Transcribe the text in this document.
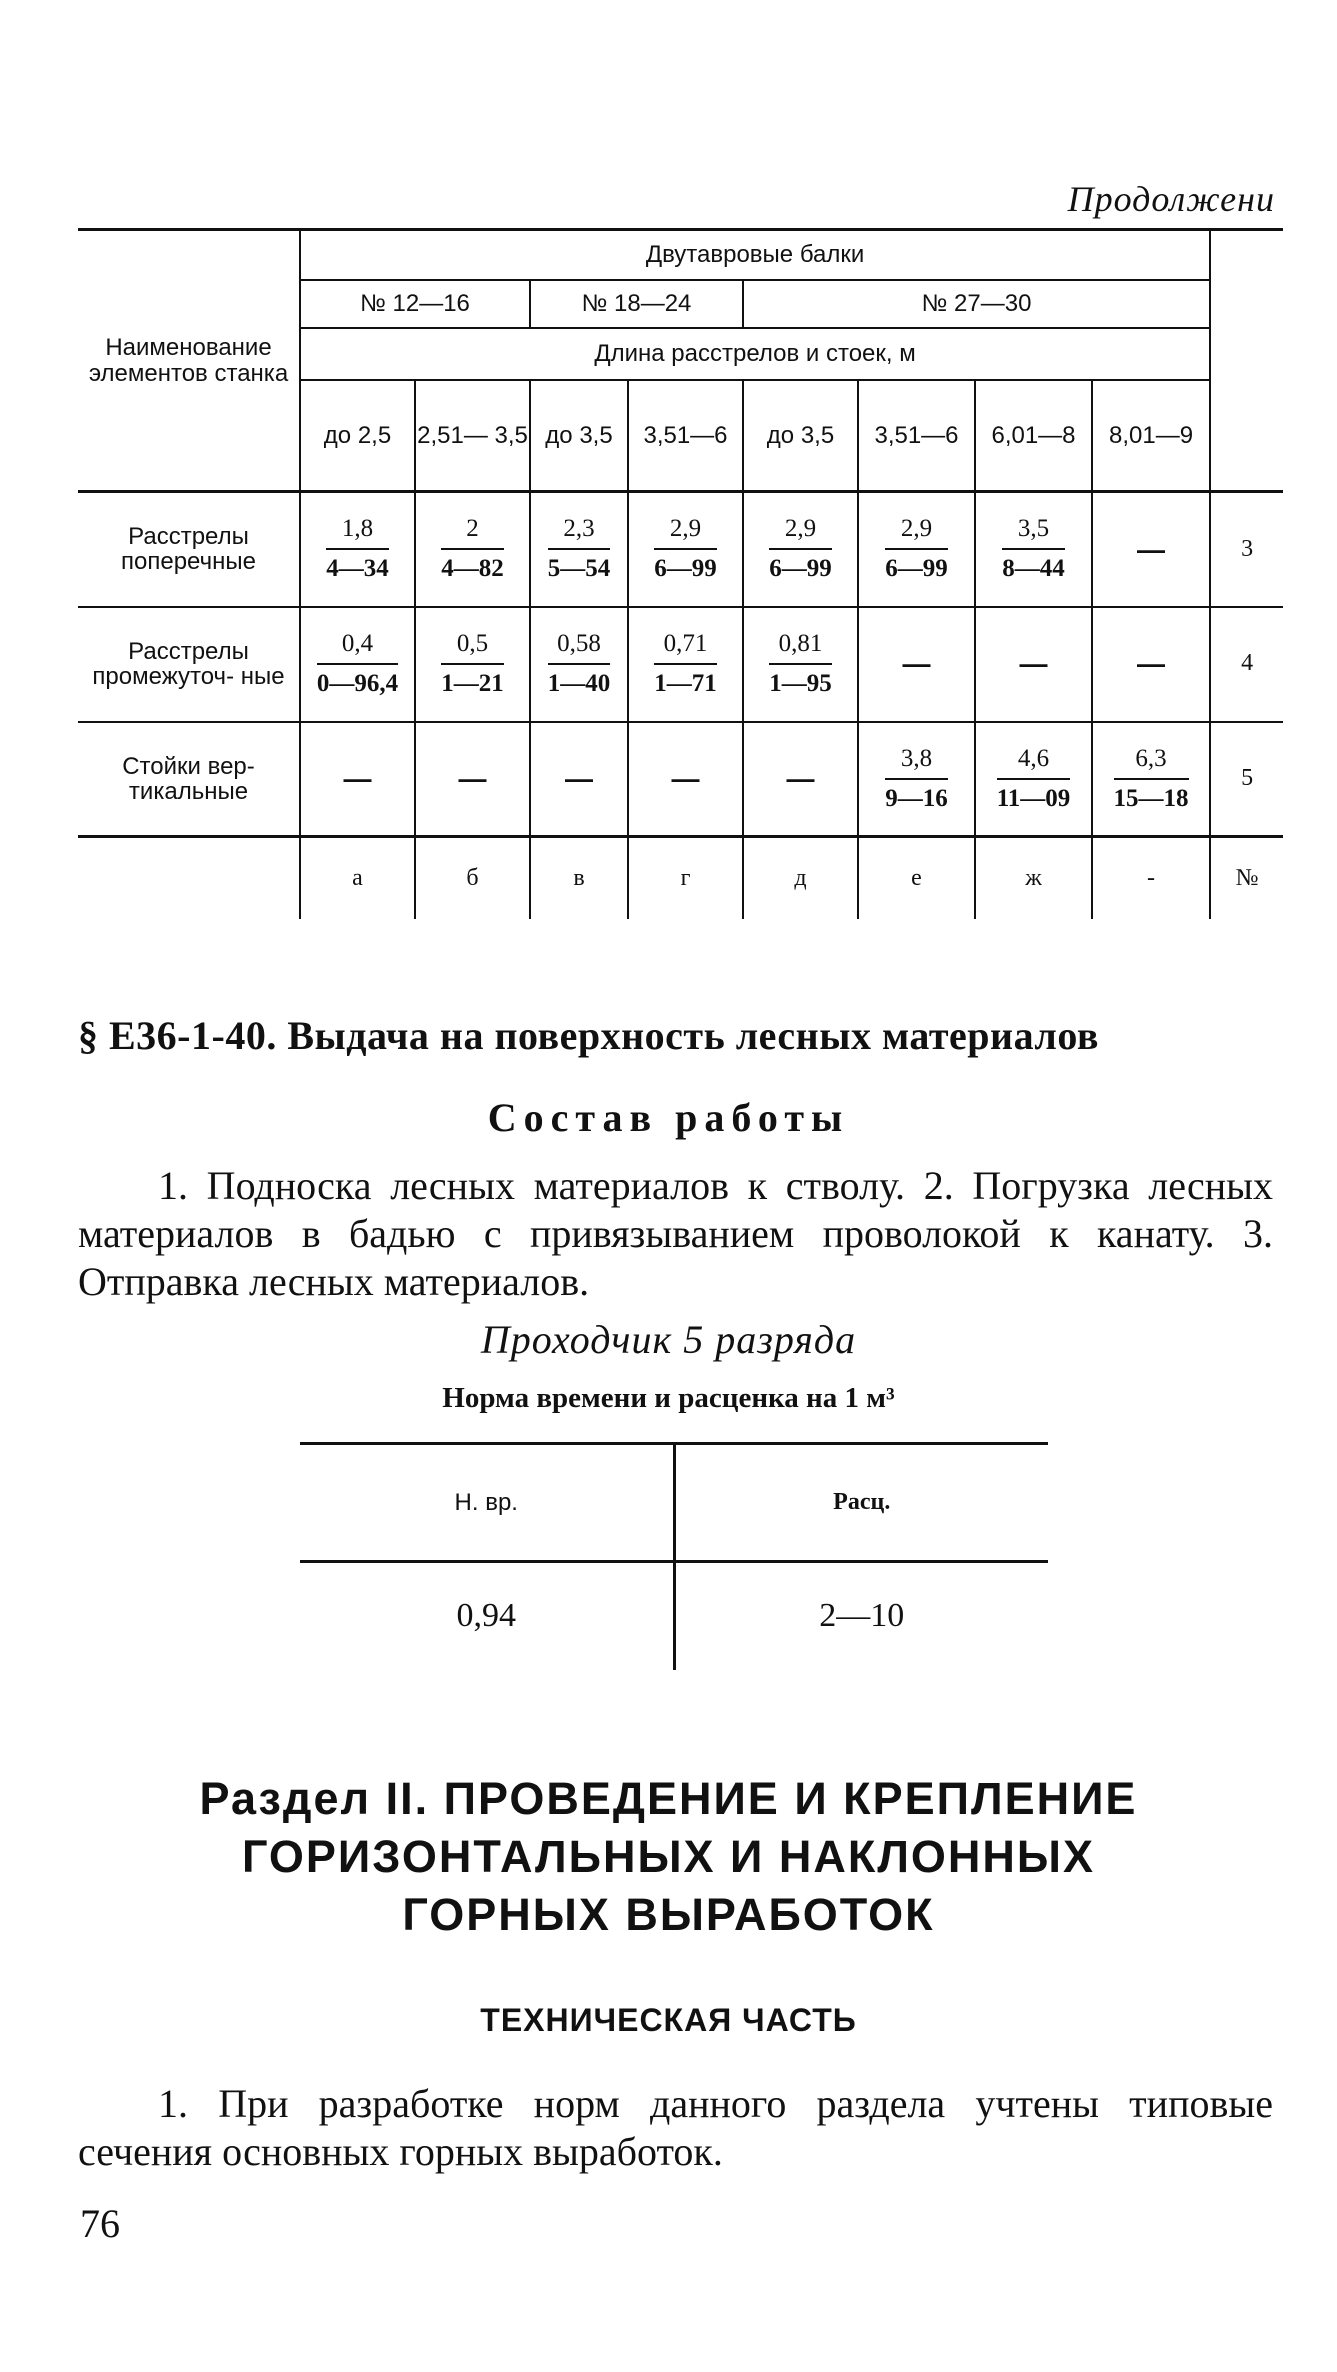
Продолжени
Наименование элементов станка	Двутавровые балки								
	№ 12—16		№ 18—24		№ 27—30				
	Длина расстрелов и стоек, м								
	до 2,5	2,51— 3,5	до 3,5	3,51—6	до 3,5	3,51—6	6,01—8	8,01—9	
Расстрелы поперечные	$\frac{1,8}{4—34}$	$\frac{2}{4—82}$	$\frac{2,3}{5—54}$	$\frac{2,9}{6—99}$	$\frac{2,9}{6—99}$	$\frac{2,9}{6—99}$	$\frac{3,5}{8—44}$	—	3
Расстрелы промежуточ- ные	$\frac{0,4}{0—96,4}$	$\frac{0,5}{1—21}$	$\frac{0,58}{1—40}$	$\frac{0,71}{1—71}$	$\frac{0,81}{1—95}$	—	—	—	4
Стойки вер- тикальные	—	—	—	—	—	$\frac{3,8}{9—16}$	$\frac{4,6}{11—09}$	$\frac{6,3}{15—18}$	5
	а	б	в	г	д	е	ж	-	№
§ Е36-1-40. Выдача на поверхность лесных материалов
Состав работы
1. Подноска лесных материалов к стволу. 2. Погрузка лесных материалов в бадью с привязыванием проволокой к канату. 3. Отправка лесных материалов.
Проходчик 5 разряда
Норма времени и расценка на 1 м³
Н. вр.	Расц.
0,94	2—10
Раздел II. ПРОВЕДЕНИЕ И КРЕПЛЕНИЕ
ГОРИЗОНТАЛЬНЫХ И НАКЛОННЫХ
ГОРНЫХ ВЫРАБОТОК
ТЕХНИЧЕСКАЯ ЧАСТЬ
1. При разработке норм данного раздела учтены типовые сечения основных горных выработок.
76
